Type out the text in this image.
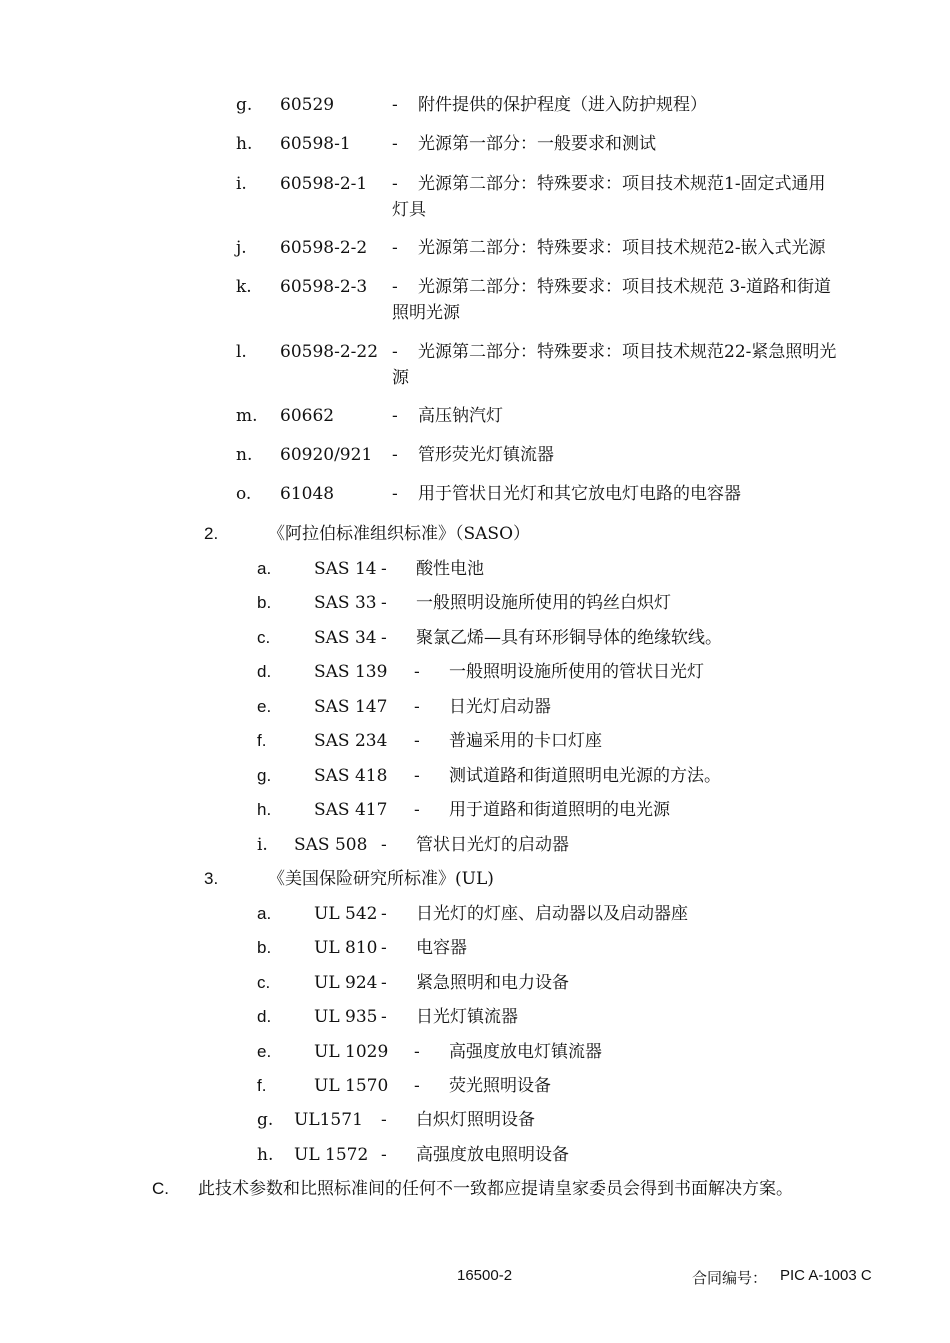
g. 60529	- 附件提供的保护程度（进入防护规程）
h. 60598-1 - 光源第一部分：一般要求和测试
i. 60598-2-1 - 光源第二部分：特殊要求：项目技术规范1-固定式通用
灯具
j. 60598-2-2 - 光源第二部分：特殊要求：项目技术规范2-嵌入式光源
k. 60598-2-3 - 光源第二部分：特殊要求：项目技术规范 3-道路和街道
照明光源
l. 60598-2-22 - 光源第二部分：特殊要求：项目技术规范22-紧急照明光
源
m. 60662	- 高压钠汽灯
n. 60920/921 - 管形荧光灯镇流器
o. 61048	- 用于管状日光灯和其它放电灯电路的电容器
2.	《阿拉伯标准组织标准》（SASO）
a.	SAS 14 - 酸性电池
b.	SAS 33 - 一般照明设施所使用的钨丝白炽灯
c.	SAS 34 - 聚氯乙烯—具有环形铜导体的绝缘软线。
d.	SAS 139 - 一般照明设施所使用的管状日光灯
e.	SAS 147 - 日光灯启动器
f.	SAS 234 - 普遍采用的卡口灯座
g.	SAS 418 - 测试道路和街道照明电光源的方法。
h.	SAS 417 - 用于道路和街道照明的电光源
i. SAS 508 - 管状日光灯的启动器
3.	《美国保险研究所标准》(UL)
a.	UL 542 - 日光灯的灯座、启动器以及启动器座
b.	UL 810 - 电容器
c.	UL 924 - 紧急照明和电力设备
d.	UL 935 - 日光灯镇流器
e.	UL 1029 - 高强度放电灯镇流器
f.	UL 1570 - 荧光照明设备
g. UL1571 - 白炽灯照明设备
h. UL 1572 - 高强度放电照明设备
C. 此技术参数和比照标准间的任何不一致都应提请皇家委员会得到书面解决方案。
16500-2	合同编号： PIC A-1003 C
